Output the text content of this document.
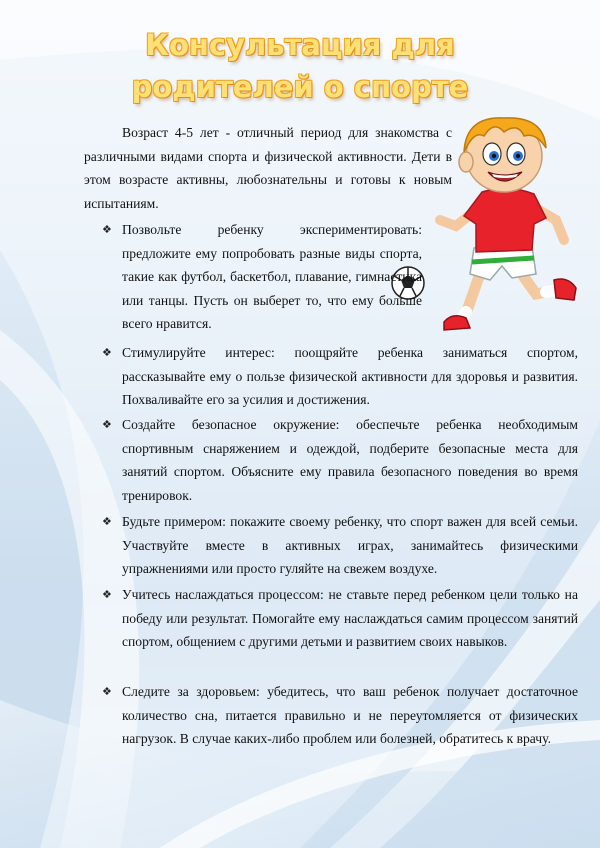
Консультация для
родителей о спорте

Возраст 4-5 лет - отличный период для знакомства с различными видами спорта и физической активности. Дети в этом возрасте активны, любознательны и готовы к новым испытаниям.

❖ Позвольте ребенку экспериментировать: предложите ему попробовать разные виды спорта, такие как футбол, баскетбол, плавание, гимнастика или танцы. Пусть он выберет то, что ему больше всего нравится.

❖ Стимулируйте интерес: поощряйте ребенка заниматься спортом, рассказывайте ему о пользе физической активности для здоровья и развития. Похваливайте его за усилия и достижения.

❖ Создайте безопасное окружение: обеспечьте ребенка необходимым спортивным снаряжением и одеждой, подберите безопасные места для занятий спортом. Объясните ему правила безопасного поведения во время тренировок.

❖ Будьте примером: покажите своему ребенку, что спорт важен для всей семьи. Участвуйте вместе в активных играх, занимайтесь физическими упражнениями или просто гуляйте на свежем воздухе.

❖ Учитесь наслаждаться процессом: не ставьте перед ребенком цели только на победу или результат. Помогайте ему наслаждаться самим процессом занятий спортом, общением с другими детьми и развитием своих навыков.

❖ Следите за здоровьем: убедитесь, что ваш ребенок получает достаточное количество сна, питается правильно и не переутомляется от физических нагрузок. В случае каких-либо проблем или болезней, обратитесь к врачу.
